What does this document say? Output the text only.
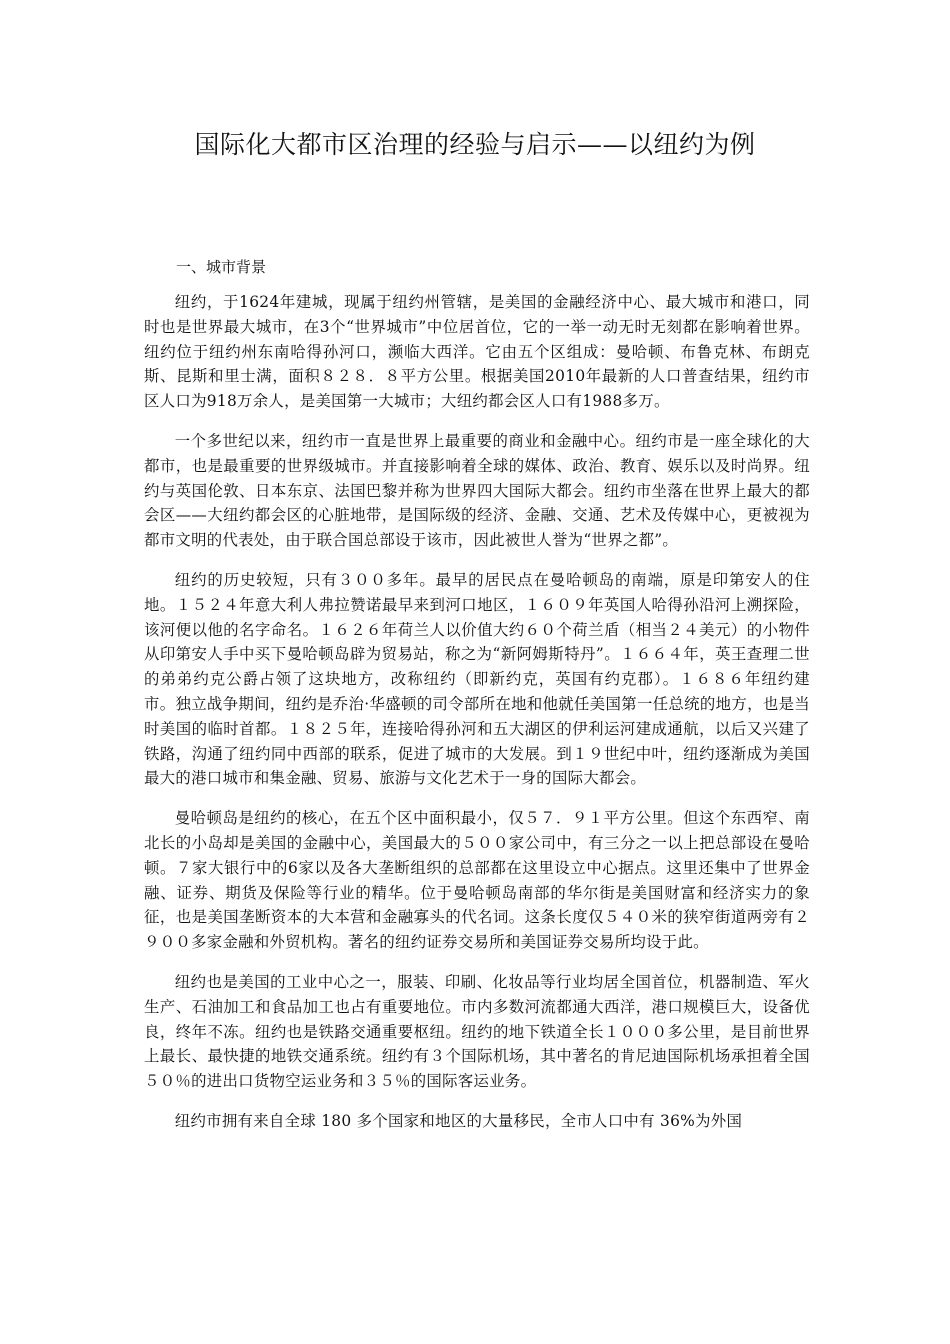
国际化大都市区治理的经验与启示——以纽约为例

一、城市背景

纽约，于1624年建城，现属于纽约州管辖，是美国的金融经济中心、最大城市和港口，同时也是世界最大城市，在3个“世界城市”中位居首位，它的一举一动无时无刻都在影响着世界。纽约位于纽约州东南哈得孙河口，濒临大西洋。它由五个区组成：曼哈顿、布鲁克林、布朗克斯、昆斯和里士满，面积８２８．８平方公里。根据美国2010年最新的人口普查结果，纽约市区人口为918万余人，是美国第一大城市；大纽约都会区人口有1988多万。

一个多世纪以来，纽约市一直是世界上最重要的商业和金融中心。纽约市是一座全球化的大都市，也是最重要的世界级城市。并直接影响着全球的媒体、政治、教育、娱乐以及时尚界。纽约与英国伦敦、日本东京、法国巴黎并称为世界四大国际大都会。纽约市坐落在世界上最大的都会区——大纽约都会区的心脏地带，是国际级的经济、金融、交通、艺术及传媒中心，更被视为都市文明的代表处，由于联合国总部设于该市，因此被世人誉为“世界之都”。

纽约的历史较短，只有３００多年。最早的居民点在曼哈顿岛的南端，原是印第安人的住地。１５２４年意大利人弗拉赞诺最早来到河口地区，１６０９年英国人哈得孙沿河上溯探险，该河便以他的名字命名。１６２６年荷兰人以价值大约６０个荷兰盾（相当２４美元）的小物件从印第安人手中买下曼哈顿岛辟为贸易站，称之为“新阿姆斯特丹”。１６６４年，英王查理二世的弟弟约克公爵占领了这块地方，改称纽约（即新约克，英国有约克郡）。１６８６年纽约建市。独立战争期间，纽约是乔治·华盛顿的司令部所在地和他就任美国第一任总统的地方，也是当时美国的临时首都。１８２５年，连接哈得孙河和五大湖区的伊利运河建成通航，以后又兴建了铁路，沟通了纽约同中西部的联系，促进了城市的大发展。到１９世纪中叶，纽约逐渐成为美国最大的港口城市和集金融、贸易、旅游与文化艺术于一身的国际大都会。

曼哈顿岛是纽约的核心，在五个区中面积最小，仅５７．９１平方公里。但这个东西窄、南北长的小岛却是美国的金融中心，美国最大的５００家公司中，有三分之一以上把总部设在曼哈顿。７家大银行中的6家以及各大垄断组织的总部都在这里设立中心据点。这里还集中了世界金融、证券、期货及保险等行业的精华。位于曼哈顿岛南部的华尔街是美国财富和经济实力的象征，也是美国垄断资本的大本营和金融寡头的代名词。这条长度仅５４０米的狭窄街道两旁有２９００多家金融和外贸机构。著名的纽约证券交易所和美国证券交易所均设于此。

纽约也是美国的工业中心之一，服装、印刷、化妆品等行业均居全国首位，机器制造、军火生产、石油加工和食品加工也占有重要地位。市内多数河流都通大西洋，港口规模巨大，设备优良，终年不冻。纽约也是铁路交通重要枢纽。纽约的地下铁道全长１０００多公里，是目前世界上最长、最快捷的地铁交通系统。纽约有３个国际机场，其中著名的肯尼迪国际机场承担着全国５０％的进出口货物空运业务和３５％的国际客运业务。

纽约市拥有来自全球 180 多个国家和地区的大量移民，全市人口中有 36%为外国
